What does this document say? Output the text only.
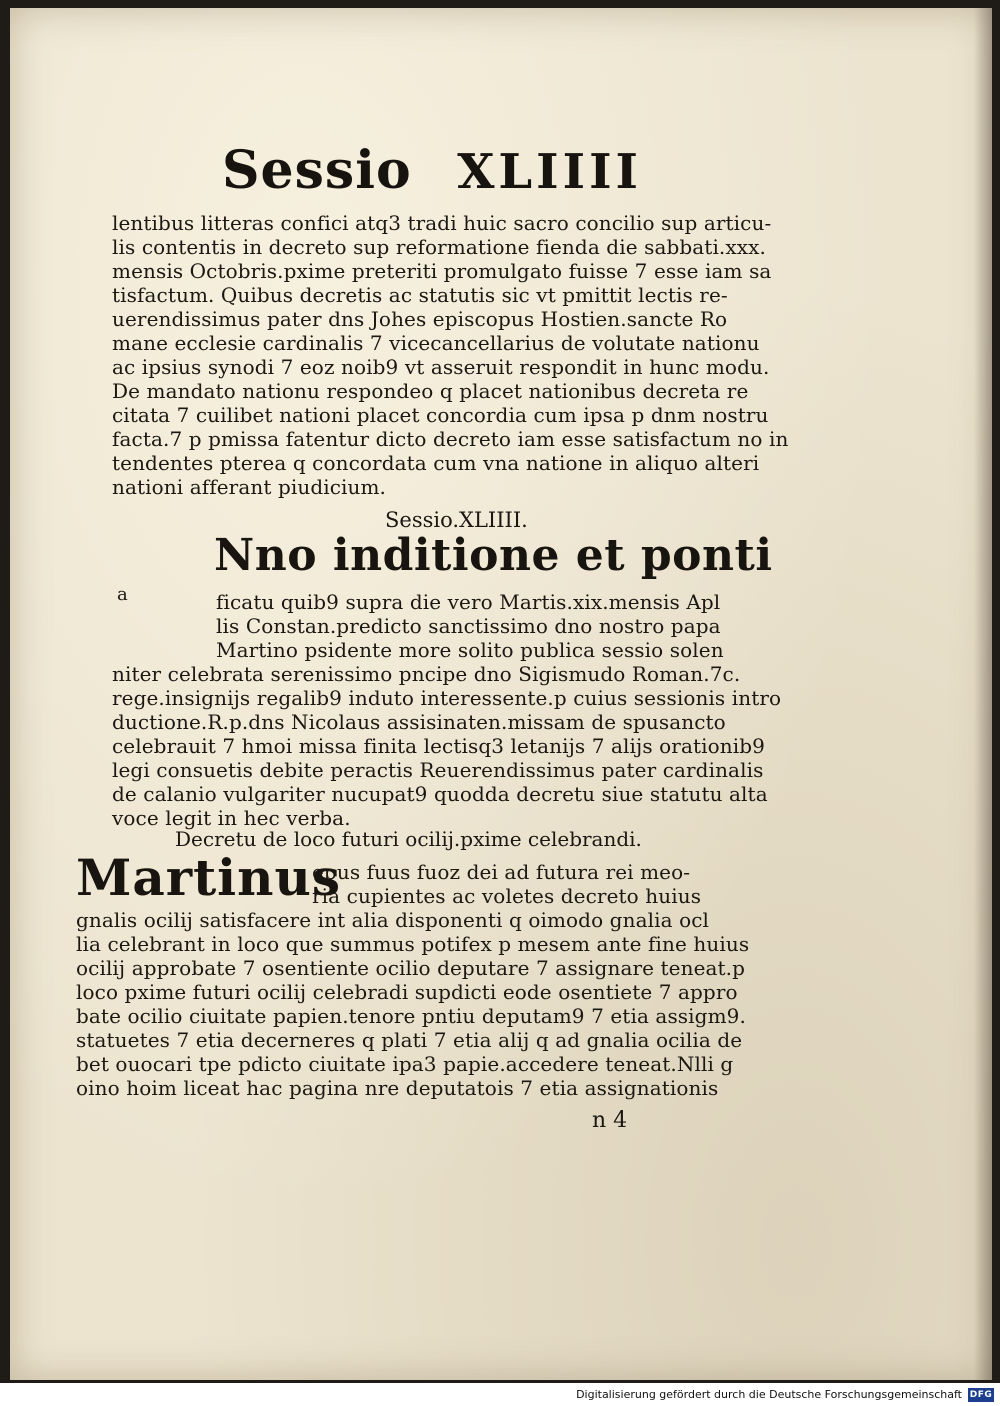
Sessio XLIIII
lentibus litteras confici atq3 tradi huic sacro concilio sup articu-
lis contentis in decreto sup reformatione fienda die sabbati.xxx.
mensis Octobris.pxime preteriti promulgato fuisse 7 esse iam sa
tisfactum. Quibus decretis ac statutis sic vt pmittit lectis re-
uerendissimus pater dns Johes episcopus Hostien.sancte Ro
mane ecclesie cardinalis 7 vicecancellarius de volutate nationu
ac ipsius synodi 7 eoz noib9 vt asseruit respondit in hunc modu.
De mandato nationu respondeo q placet nationibus decreta re
citata 7 cuilibet nationi placet concordia cum ipsa p dnm nostru
facta.7 p pmissa fatentur dicto decreto iam esse satisfactum no in
tendentes pterea q concordata cum vna natione in aliquo alteri
nationi afferant piudicium.
Sessio.XLIIII.
Nno inditione et ponti
a	ficatu quib9 supra die vero Martis.xix.mensis Apl
lis Constan.predicto sanctissimo dno nostro papa
Martino psidente more solito publica sessio solen
niter celebrata serenissimo pncipe dno Sigismudo Roman.7c.
rege.insignijs regalib9 induto interessente.p cuius sessionis intro
ductione.R.p.dns Nicolaus assisinaten.missam de spusancto
celebrauit 7 hmoi missa finita lectisq3 letanijs 7 alijs orationib9
legi consuetis debite peractis Reuerendissimus pater cardinalis
de calanio vulgariter nucupat9 quodda decretu siue statutu alta
voce legit in hec verba.
Decretu de loco futuri ocilij.pxime celebrandi.
Martinus
epus fuus fuoz dei ad futura rei meo-
ria cupientes ac voletes decreto huius
gnalis ocilij satisfacere int alia disponenti q oimodo gnalia ocl
lia celebrant in loco que summus potifex p mesem ante fine huius
ocilij approbate 7 osentiente ocilio deputare 7 assignare teneat.p
loco pxime futuri ocilij celebradi supdicti eode osentiete 7 appro
bate ocilio ciuitate papien.tenore pntiu deputam9 7 etia assigm9.
statuetes 7 etia decerneres q plati 7 etia alij q ad gnalia ocilia de
bet ouocari tpe pdicto ciuitate ipa3 papie.accedere teneat.Nlli g
oino hoim liceat hac pagina nre deputatois 7 etia assignationis
n 4
Digitalisierung gefördert durch die Deutsche Forschungsgemeinschaft DFG
